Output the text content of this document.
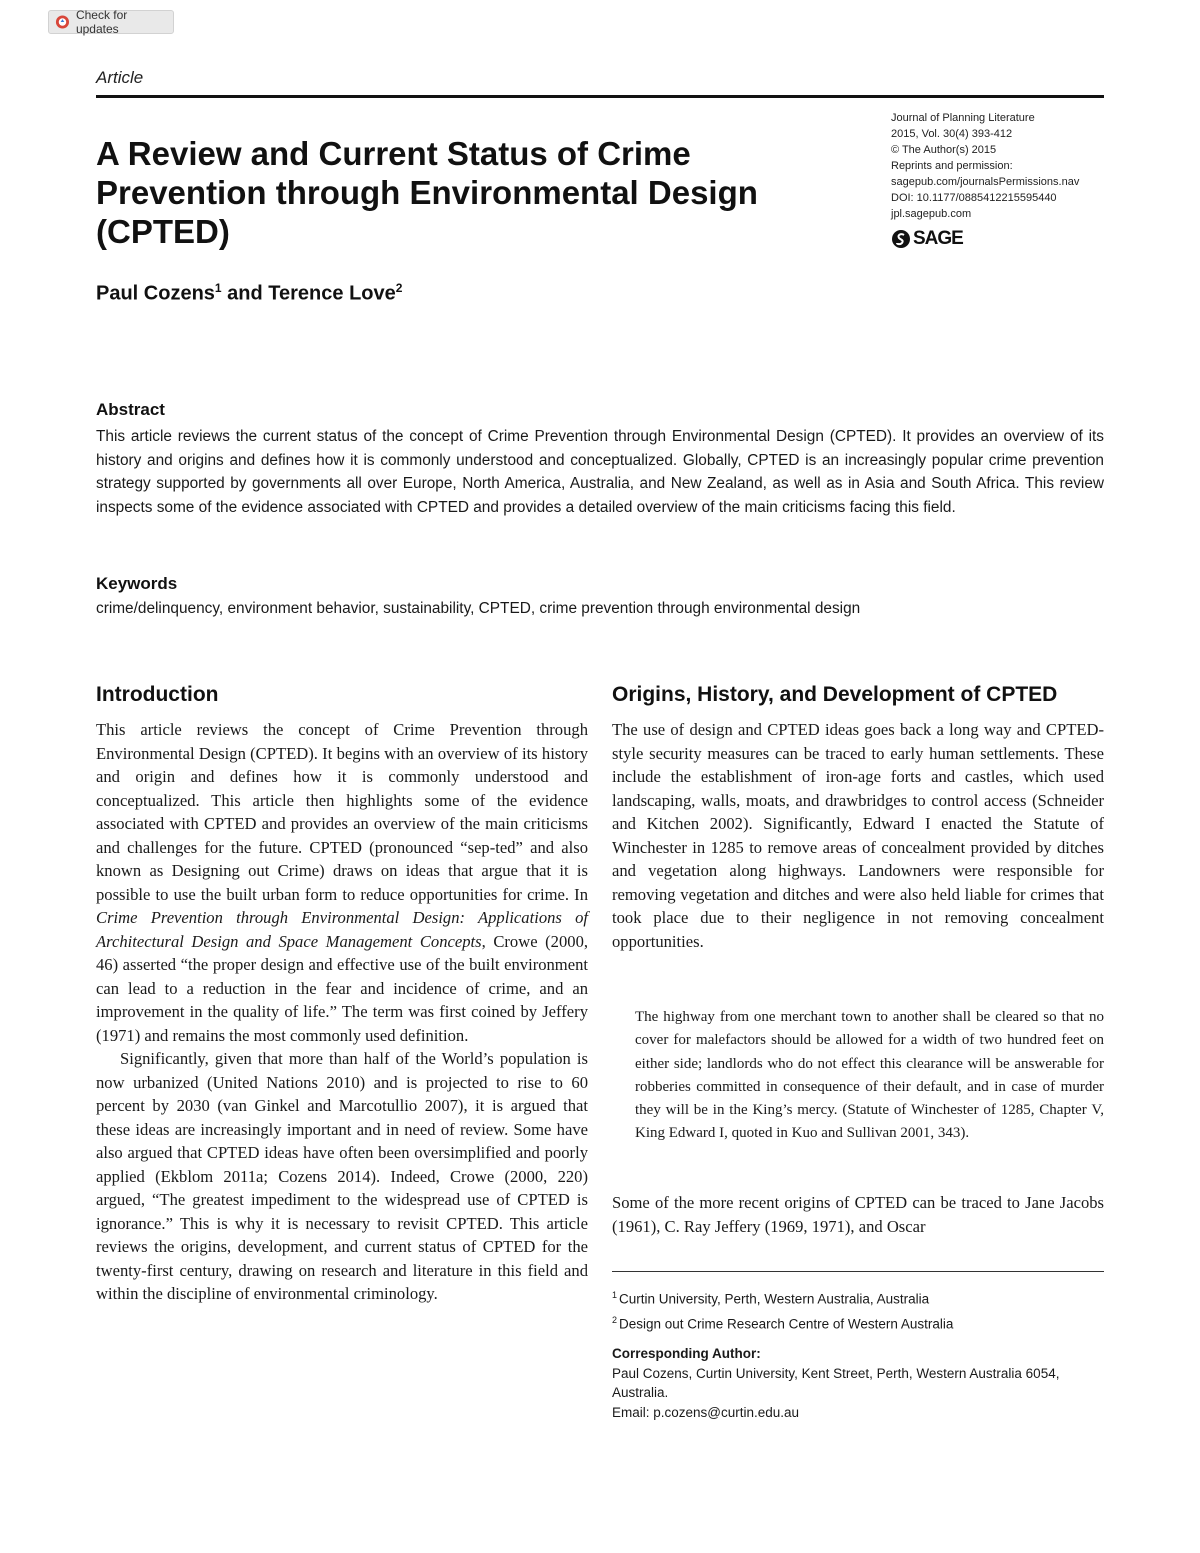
Check for updates
Article
A Review and Current Status of Crime Prevention through Environmental Design (CPTED)
Paul Cozens$^1$ and Terence Love$^2$
Journal of Planning Literature
2015, Vol. 30(4) 393-412
© The Author(s) 2015
Reprints and permission:
sagepub.com/journalsPermissions.nav
DOI: 10.1177/0885412215595440
jpl.sagepub.com
SAGE
Abstract

This article reviews the current status of the concept of Crime Prevention through Environmental Design (CPTED). It provides an overview of its history and origins and defines how it is commonly understood and conceptualized. Globally, CPTED is an increasingly popular crime prevention strategy supported by governments all over Europe, North America, Australia, and New Zealand, as well as in Asia and South Africa. This review inspects some of the evidence associated with CPTED and provides a detailed overview of the main criticisms facing this field.

Keywords

crime/delinquency, environment behavior, sustainability, CPTED, crime prevention through environmental design

Introduction

This article reviews the concept of Crime Prevention through Environmental Design (CPTED). It begins with an overview of its history and origin and defines how it is commonly understood and conceptualized. This article then highlights some of the evidence associated with CPTED and provides an overview of the main criticisms and challenges for the future. CPTED (pronounced “sep-ted” and also known as Designing out Crime) draws on ideas that argue that it is possible to use the built urban form to reduce opportunities for crime. In Crime Prevention through Environmental Design: Applications of Architectural Design and Space Management Concepts, Crowe (2000, 46) asserted “the proper design and effective use of the built environment can lead to a reduction in the fear and incidence of crime, and an improvement in the quality of life.” The term was first coined by Jeffery (1971) and remains the most commonly used definition.

Significantly, given that more than half of the World’s population is now urbanized (United Nations 2010) and is projected to rise to 60 percent by 2030 (van Ginkel and Marcotullio 2007), it is argued that these ideas are increasingly important and in need of review. Some have also argued that CPTED ideas have often been oversimplified and poorly applied (Ekblom 2011a; Cozens 2014). Indeed, Crowe (2000, 220) argued, “The greatest impediment to the widespread use of CPTED is ignorance.” This is why it is necessary to revisit CPTED. This article reviews the origins, development, and current status of CPTED for the twenty-first century, drawing on research and literature in this field and within the discipline of environmental criminology.

Origins, History, and Development of CPTED

The use of design and CPTED ideas goes back a long way and CPTED-style security measures can be traced to early human settlements. These include the establishment of iron-age forts and castles, which used landscaping, walls, moats, and drawbridges to control access (Schneider and Kitchen 2002). Significantly, Edward I enacted the Statute of Winchester in 1285 to remove areas of concealment provided by ditches and vegetation along highways. Landowners were responsible for removing vegetation and ditches and were also held liable for crimes that took place due to their negligence in not removing concealment opportunities.

The highway from one merchant town to another shall be cleared so that no cover for malefactors should be allowed for a width of two hundred feet on either side; landlords who do not effect this clearance will be answerable for robberies committed in consequence of their default, and in case of murder they will be in the King’s mercy. (Statute of Winchester of 1285, Chapter V, King Edward I, quoted in Kuo and Sullivan 2001, 343).

Some of the more recent origins of CPTED can be traced to Jane Jacobs (1961), C. Ray Jeffery (1969, 1971), and Oscar

$^1$ Curtin University, Perth, Western Australia, Australia
$^2$ Design out Crime Research Centre of Western Australia
Corresponding Author:
Paul Cozens, Curtin University, Kent Street, Perth, Western Australia 6054, Australia.
Email: p.cozens@curtin.edu.au
